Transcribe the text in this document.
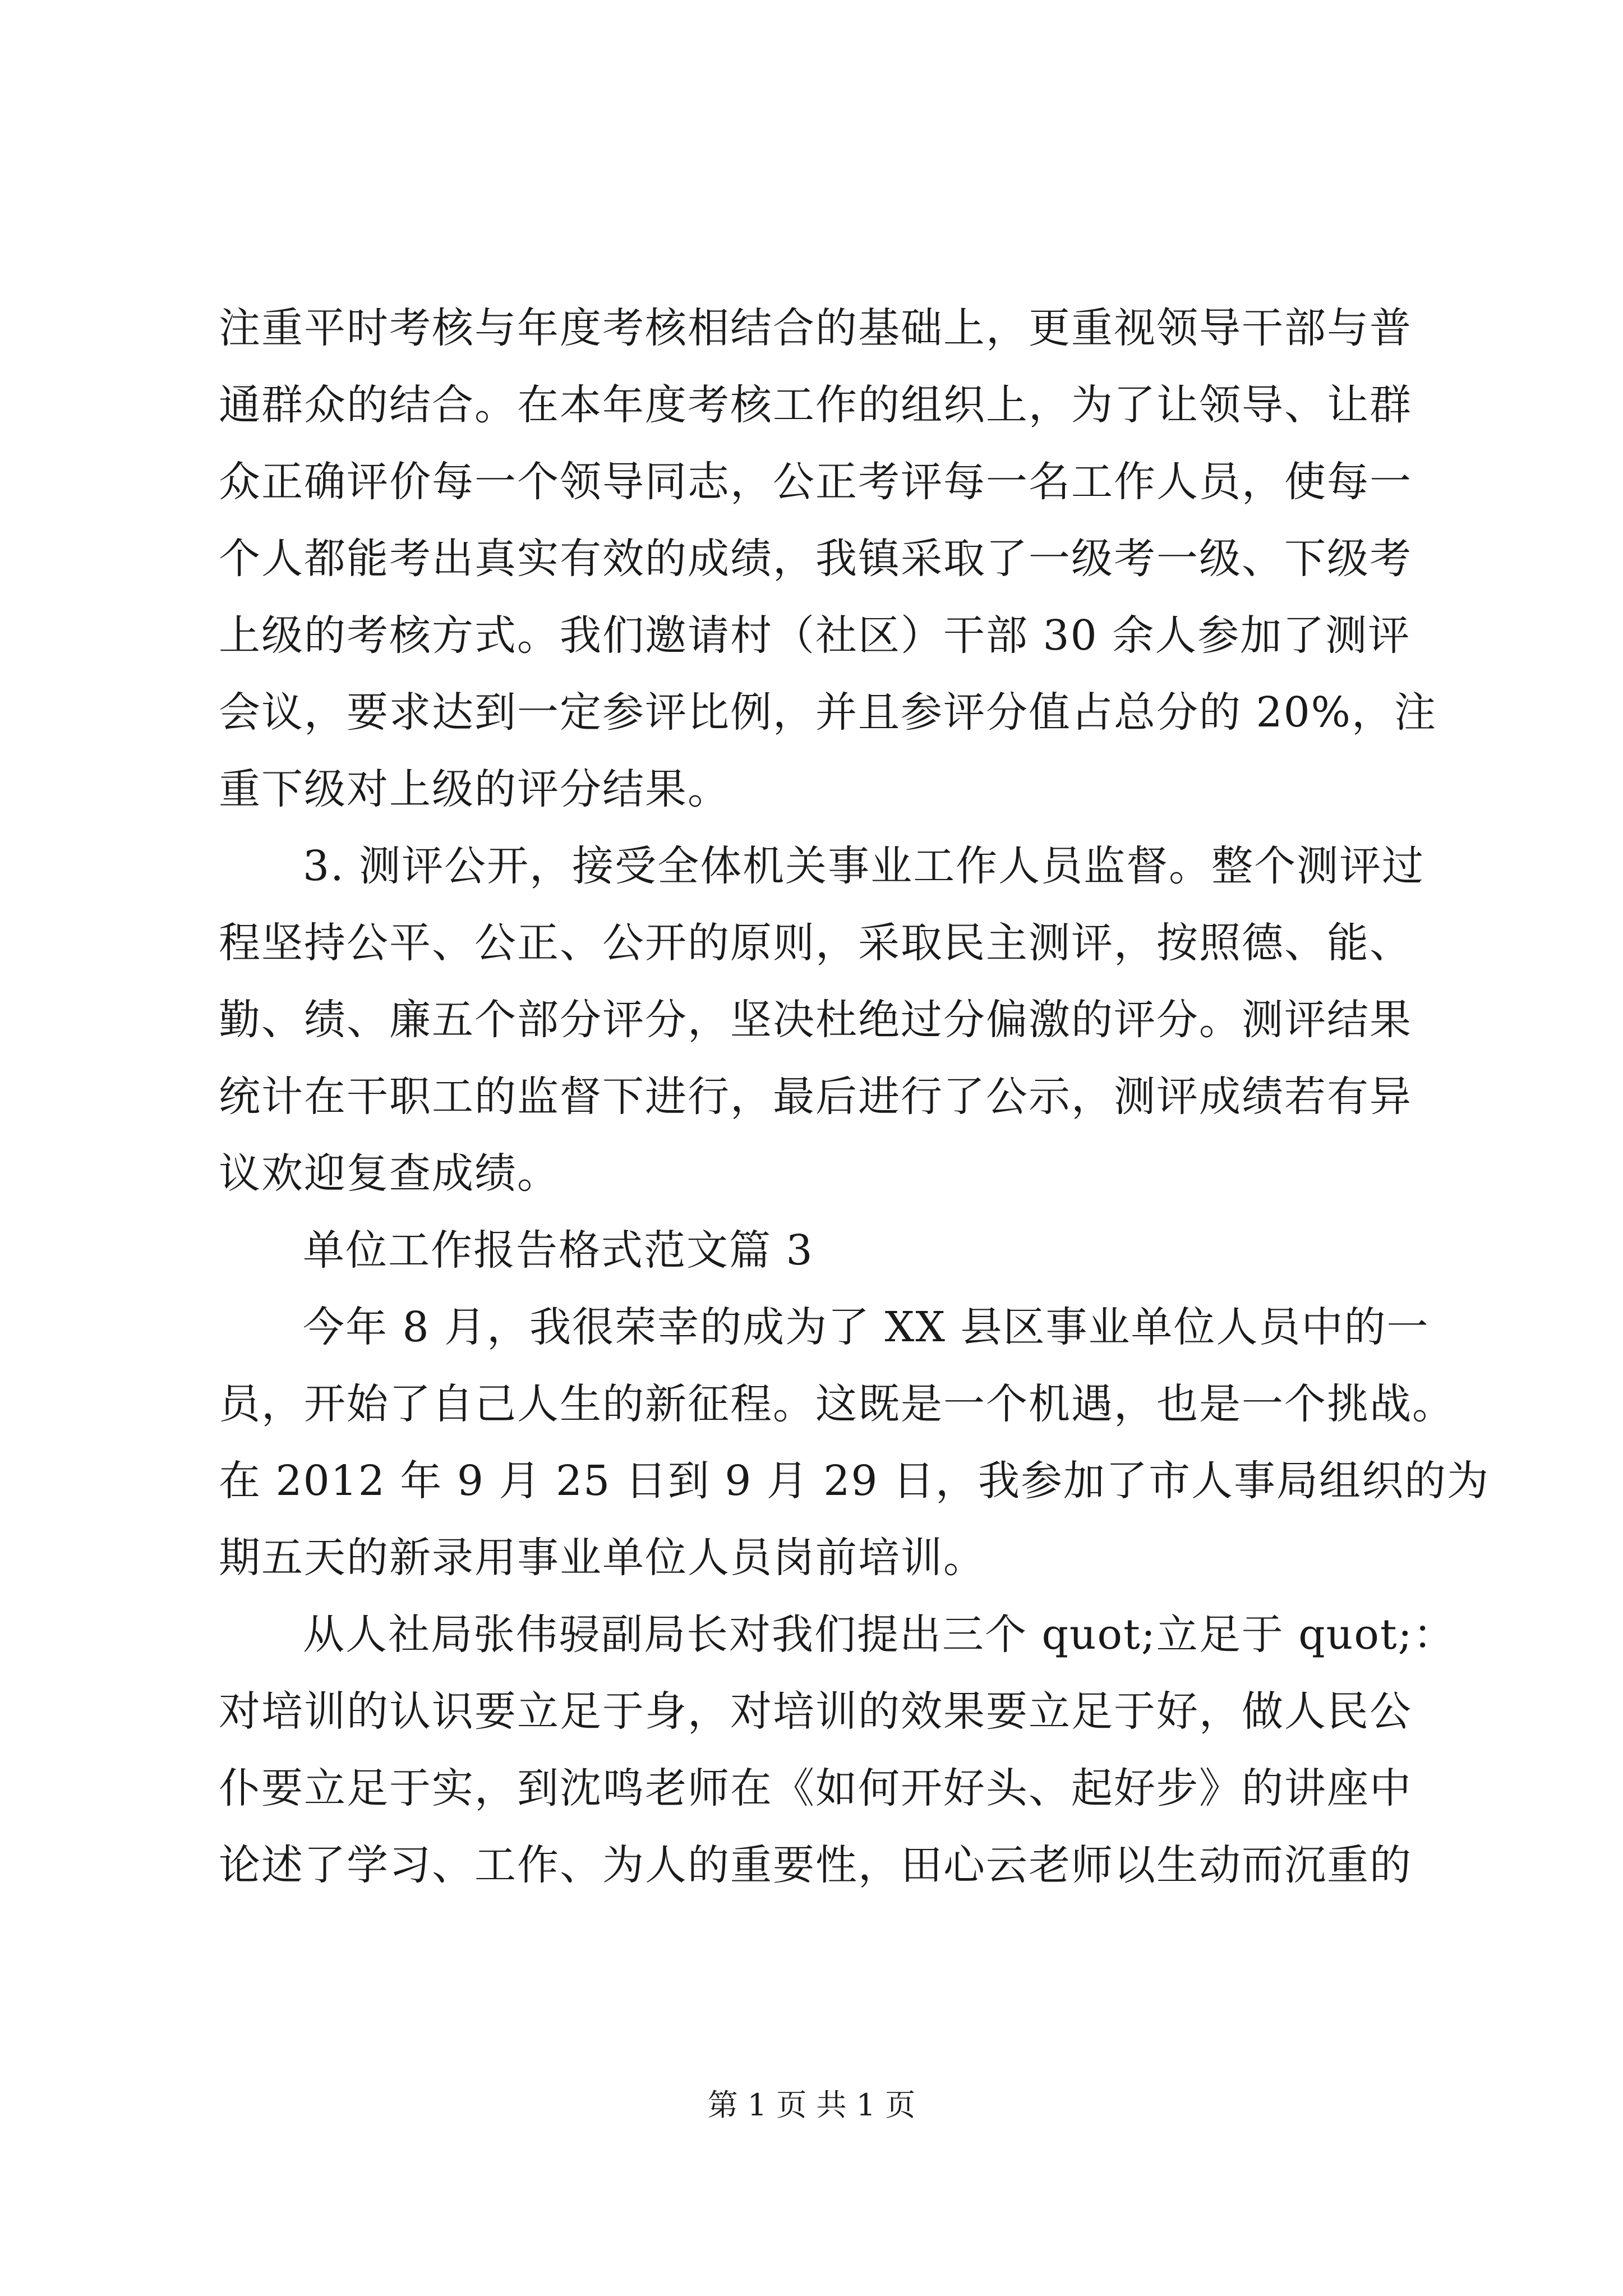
注重平时考核与年度考核相结合的基础上，更重视领导干部与普
通群众的结合。在本年度考核工作的组织上，为了让领导、让群
众正确评价每一个领导同志，公正考评每一名工作人员，使每一
个人都能考出真实有效的成绩，我镇采取了一级考一级、下级考
上级的考核方式。我们邀请村（社区）干部 30 余人参加了测评
会议，要求达到一定参评比例，并且参评分值占总分的 20%，注
重下级对上级的评分结果。
3. 测评公开，接受全体机关事业工作人员监督。整个测评过
程坚持公平、公正、公开的原则，采取民主测评，按照德、能、
勤、绩、廉五个部分评分，坚决杜绝过分偏激的评分。测评结果
统计在干职工的监督下进行，最后进行了公示，测评成绩若有异
议欢迎复查成绩。
单位工作报告格式范文篇 3
今年 8 月，我很荣幸的成为了 XX 县区事业单位人员中的一
员，开始了自己人生的新征程。这既是一个机遇，也是一个挑战。
在 2012 年 9 月 25 日到 9 月 29 日，我参加了市人事局组织的为
期五天的新录用事业单位人员岗前培训。
从人社局张伟骎副局长对我们提出三个 quot;立足于 quot;：
对培训的认识要立足于身，对培训的效果要立足于好，做人民公
仆要立足于实，到沈鸣老师在《如何开好头、起好步》的讲座中
论述了学习、工作、为人的重要性，田心云老师以生动而沉重的
第 1 页 共 1 页
